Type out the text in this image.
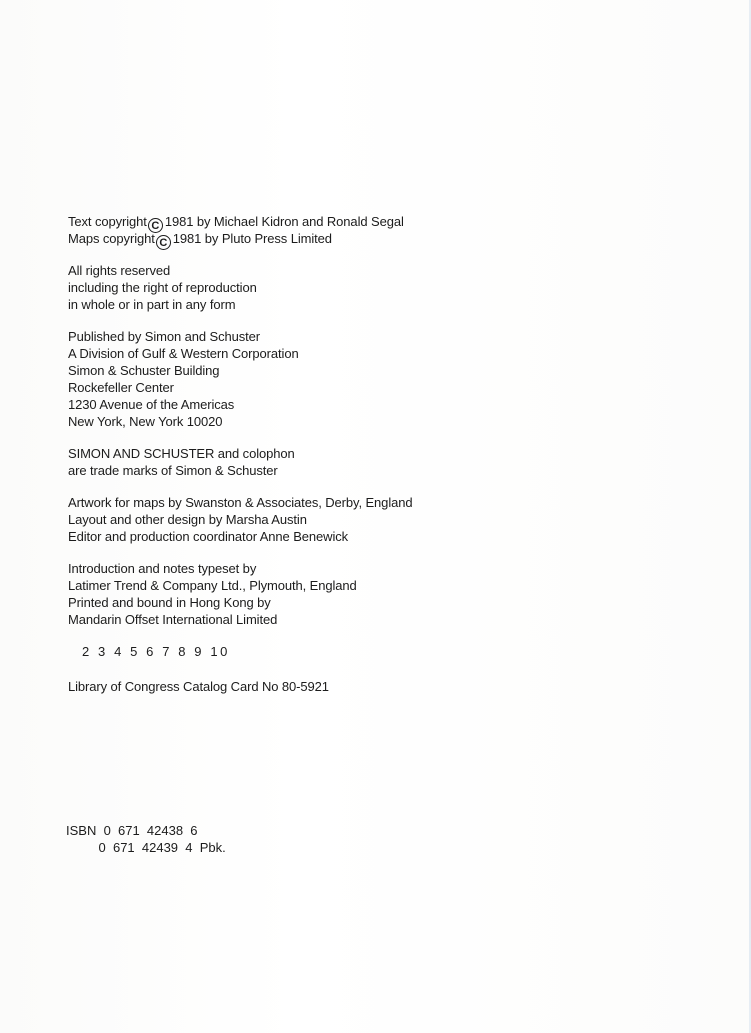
Text copyright C 1981 by Michael Kidron and Ronald Segal
Maps copyright C 1981 by Pluto Press Limited
All rights reserved
including the right of reproduction
in whole or in part in any form
Published by Simon and Schuster
A Division of Gulf & Western Corporation
Simon & Schuster Building
Rockefeller Center
1230 Avenue of the Americas
New York, New York 10020
SIMON AND SCHUSTER and colophon
are trade marks of Simon & Schuster
Artwork for maps by Swanston & Associates, Derby, England
Layout and other design by Marsha Austin
Editor and production coordinator Anne Benewick
Introduction and notes typeset by
Latimer Trend & Company Ltd., Plymouth, England
Printed and bound in Hong Kong by
Mandarin Offset International Limited
2 3 4 5 6 7 8 9 10
Library of Congress Catalog Card No 80-5921
ISBN  0  671  42438  6
0  671  42439  4  Pbk.
